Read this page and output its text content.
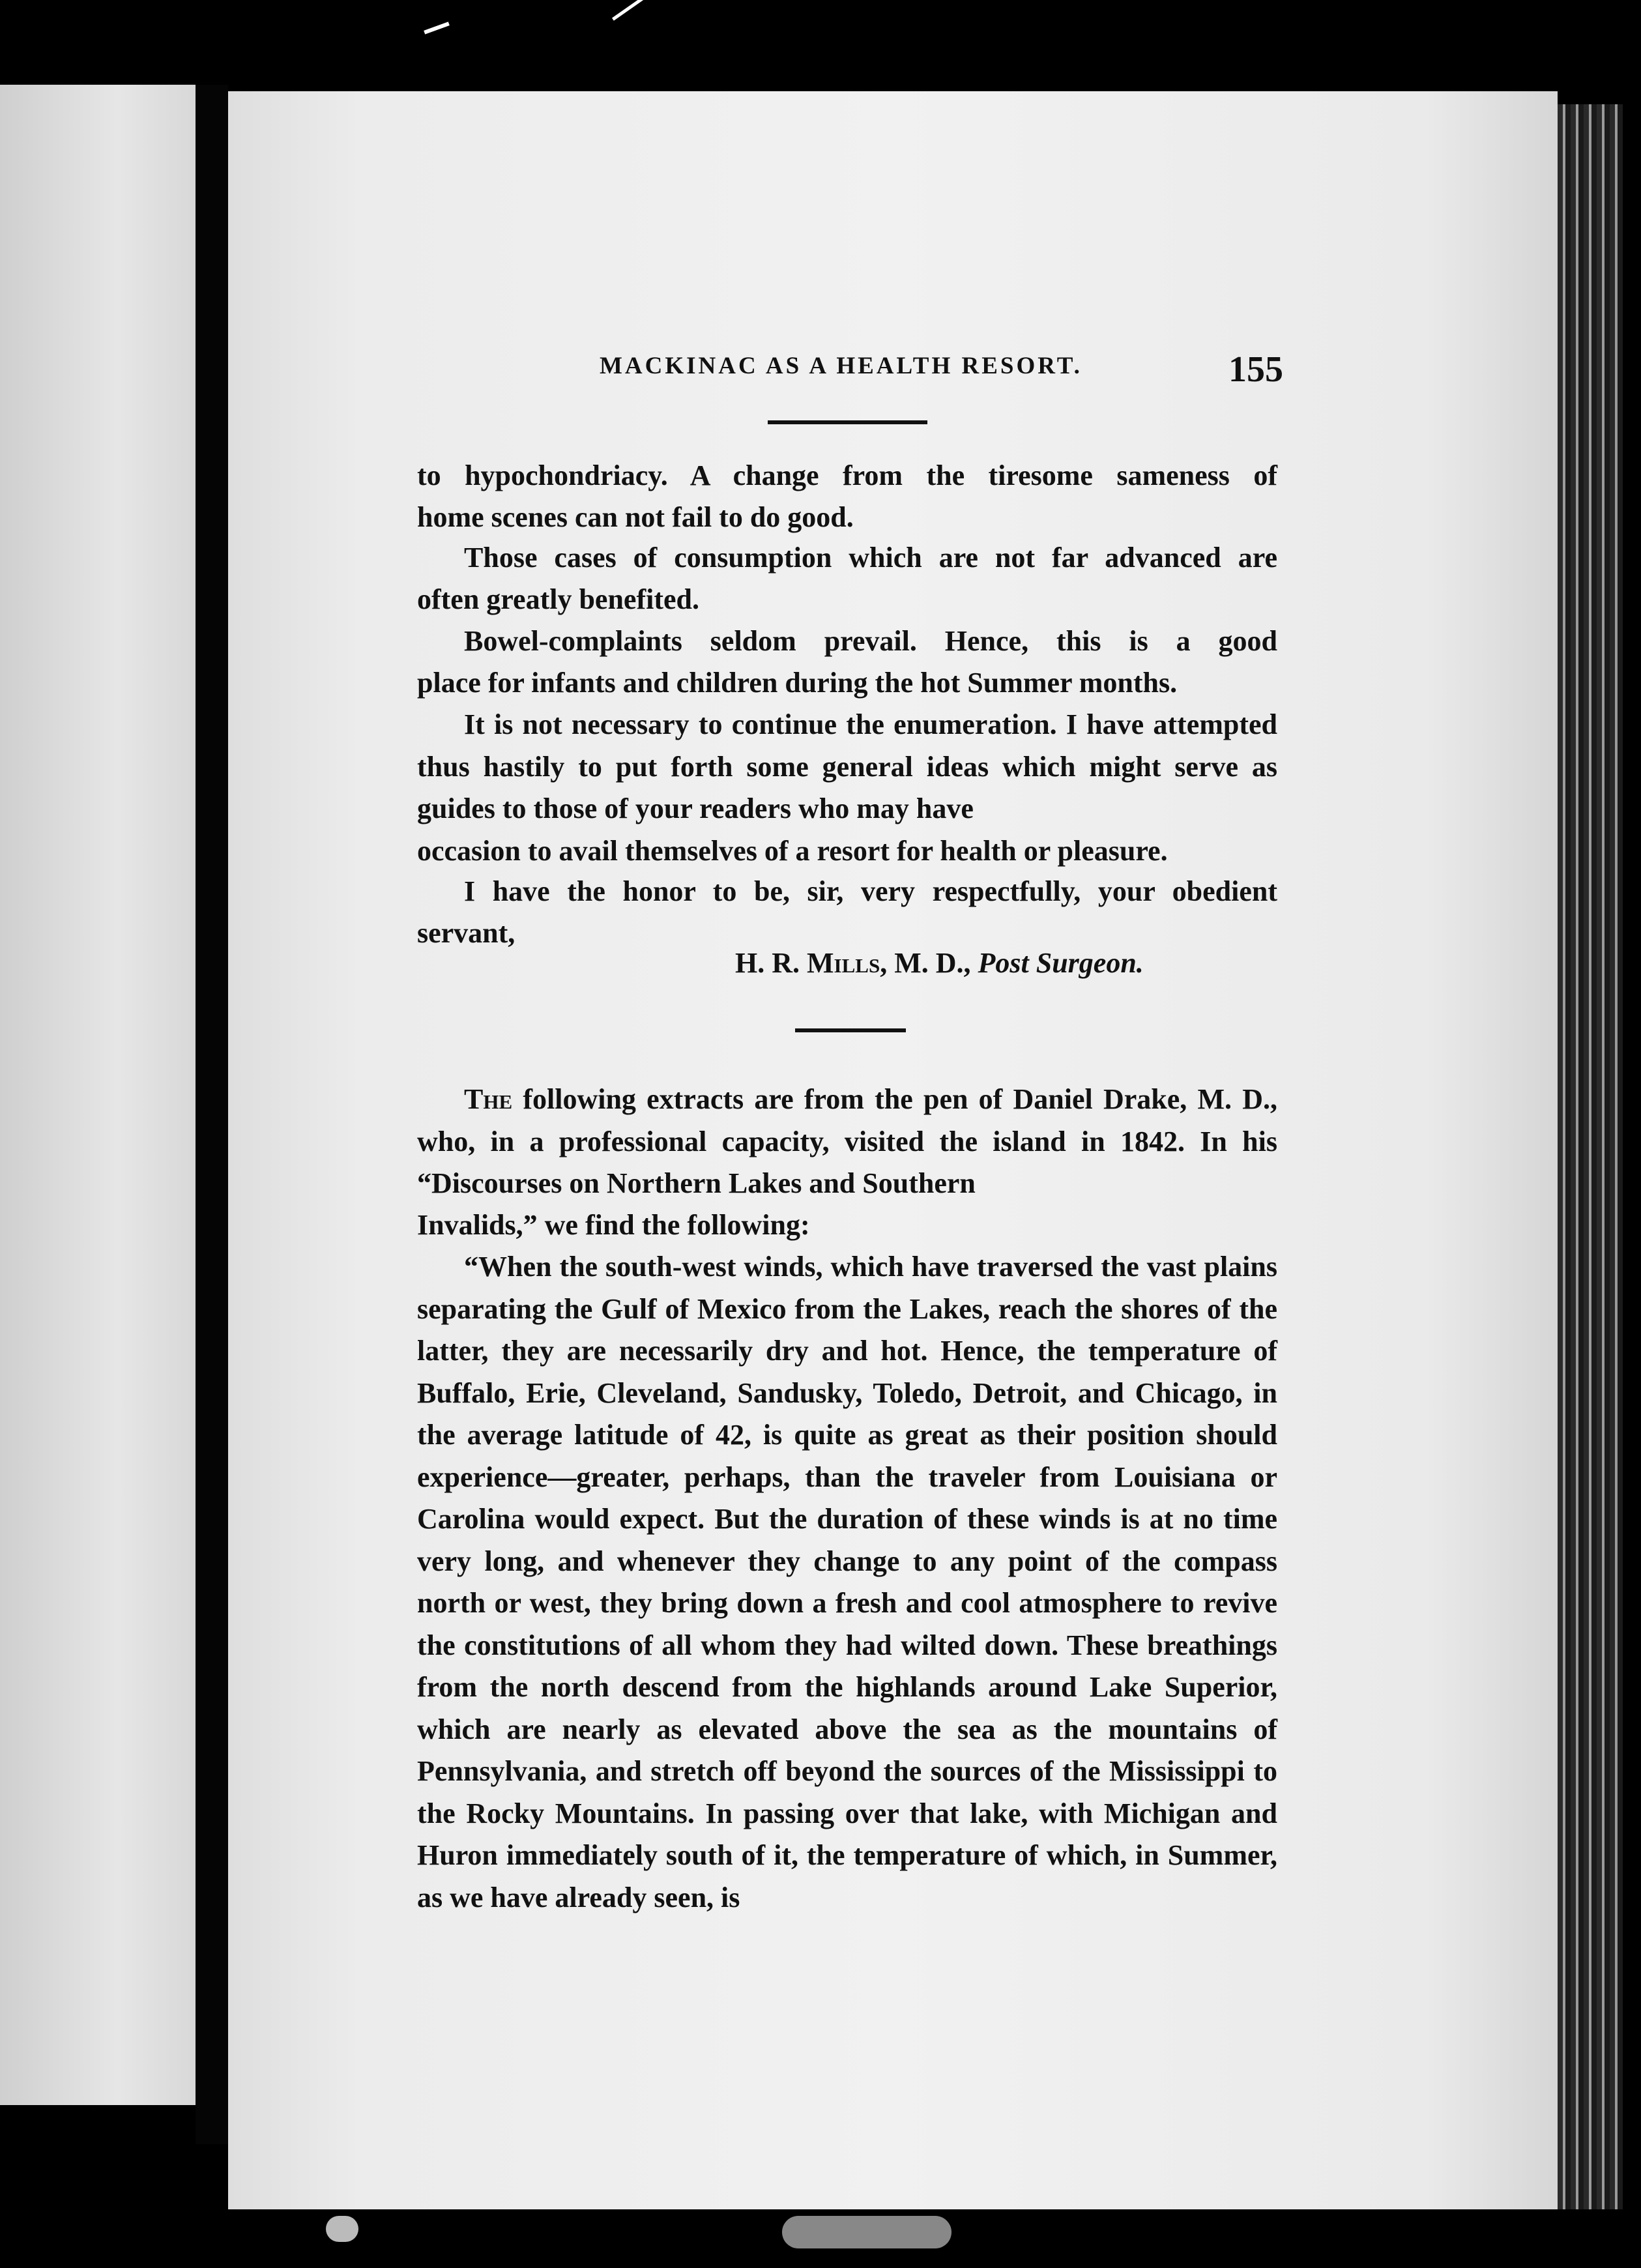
MACKINAC AS A HEALTH RESORT.	155
to hypochondriacy. A change from the tiresome sameness of
home scenes can not fail to do good.
Those cases of consumption which are not far advanced are
often greatly benefited.
Bowel-complaints seldom prevail. Hence, this is a good
place for infants and children during the hot Summer months.
It is not necessary to continue the enumeration. I have attempted thus hastily to put forth some general ideas which might serve as guides to those of your readers who may have
occasion to avail themselves of a resort for health or pleasure.
I have the honor to be, sir, very respectfully, your obedient
servant,
H. R. Mills, M. D., Post Surgeon.
The following extracts are from the pen of Daniel Drake, M. D., who, in a professional capacity, visited the island in 1842. In his “Discourses on Northern Lakes and Southern
Invalids,” we find the following:
“When the south-west winds, which have traversed the vast plains separating the Gulf of Mexico from the Lakes, reach the shores of the latter, they are necessarily dry and hot. Hence, the temperature of Buffalo, Erie, Cleveland, Sandusky, Toledo, Detroit, and Chicago, in the average latitude of 42, is quite as great as their position should experience—greater, perhaps, than the traveler from Louisiana or Carolina would expect. But the duration of these winds is at no time very long, and whenever they change to any point of the compass north or west, they bring down a fresh and cool atmosphere to revive the constitutions of all whom they had wilted down. These breathings from the north descend from the highlands around Lake Superior, which are nearly as elevated above the sea as the mountains of Pennsylvania, and stretch off beyond the sources of the Mississippi to the Rocky Mountains. In passing over that lake, with Michigan and Huron immediately south of it, the temperature of which, in Summer, as we have already seen, is
